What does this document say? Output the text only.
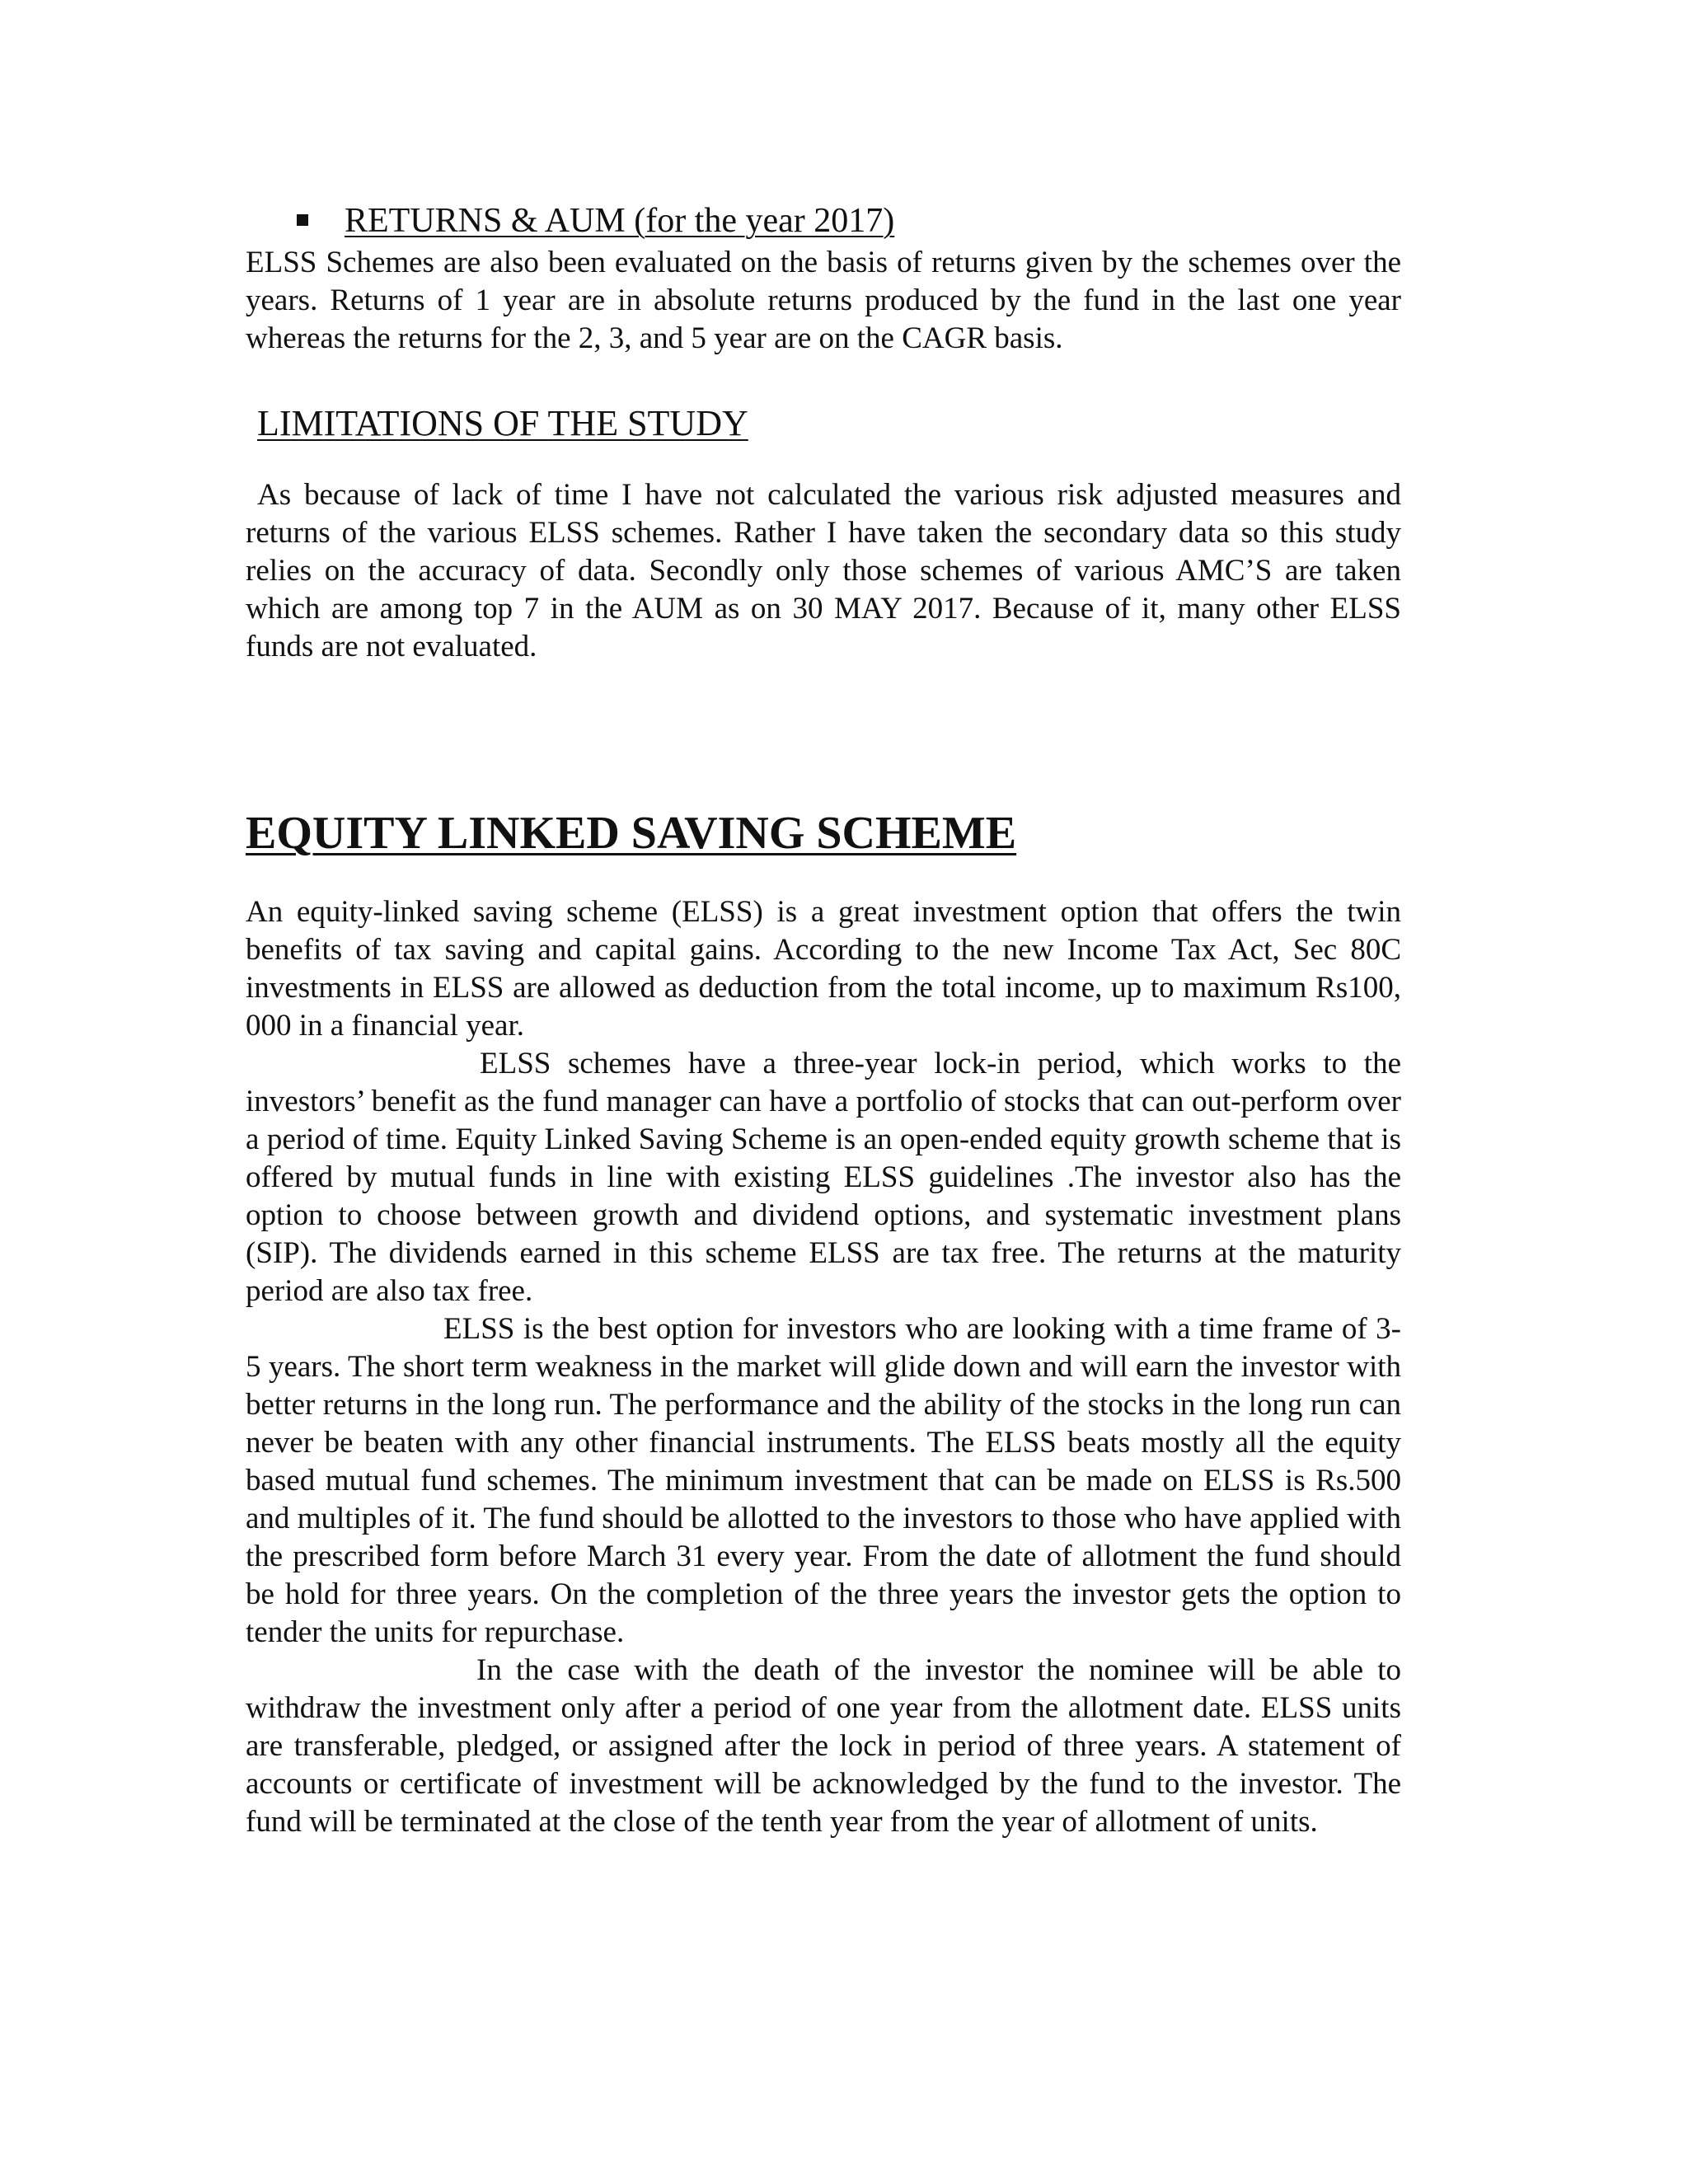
RETURNS & AUM (for the year 2017)

ELSS Schemes are also been evaluated on the basis of returns given by the schemes over the years. Returns of 1 year are in absolute returns produced by the fund in the last one year whereas the returns for the 2, 3, and 5 year are on the CAGR basis.

LIMITATIONS OF THE STUDY

As because of lack of time I have not calculated the various risk adjusted measures and returns of the various ELSS schemes. Rather I have taken the secondary data so this study relies on the accuracy of data. Secondly only those schemes of various AMC’S are taken which are among top 7 in the AUM as on 30 MAY 2017. Because of it, many other ELSS funds are not evaluated.

EQUITY LINKED SAVING SCHEME

An equity-linked saving scheme (ELSS) is a great investment option that offers the twin benefits of tax saving and capital gains. According to the new Income Tax Act, Sec 80C investments in ELSS are allowed as deduction from the total income, up to maximum Rs100, 000 in a financial year.

ELSS schemes have a three-year lock-in period, which works to the investors’ benefit as the fund manager can have a portfolio of stocks that can out-perform over a period of time. Equity Linked Saving Scheme is an open-ended equity growth scheme that is offered by mutual funds in line with existing ELSS guidelines .The investor also has the option to choose between growth and dividend options, and systematic investment plans (SIP). The dividends earned in this scheme ELSS are tax free. The returns at the maturity period are also tax free.

ELSS is the best option for investors who are looking with a time frame of 3-5 years. The short term weakness in the market will glide down and will earn the investor with better returns in the long run. The performance and the ability of the stocks in the long run can never be beaten with any other financial instruments. The ELSS beats mostly all the equity based mutual fund schemes. The minimum investment that can be made on ELSS is Rs.500 and multiples of it. The fund should be allotted to the investors to those who have applied with the prescribed form before March 31 every year. From the date of allotment the fund should be hold for three years. On the completion of the three years the investor gets the option to tender the units for repurchase.

In the case with the death of the investor the nominee will be able to withdraw the investment only after a period of one year from the allotment date. ELSS units are transferable, pledged, or assigned after the lock in period of three years. A statement of accounts or certificate of investment will be acknowledged by the fund to the investor. The fund will be terminated at the close of the tenth year from the year of allotment of units.
